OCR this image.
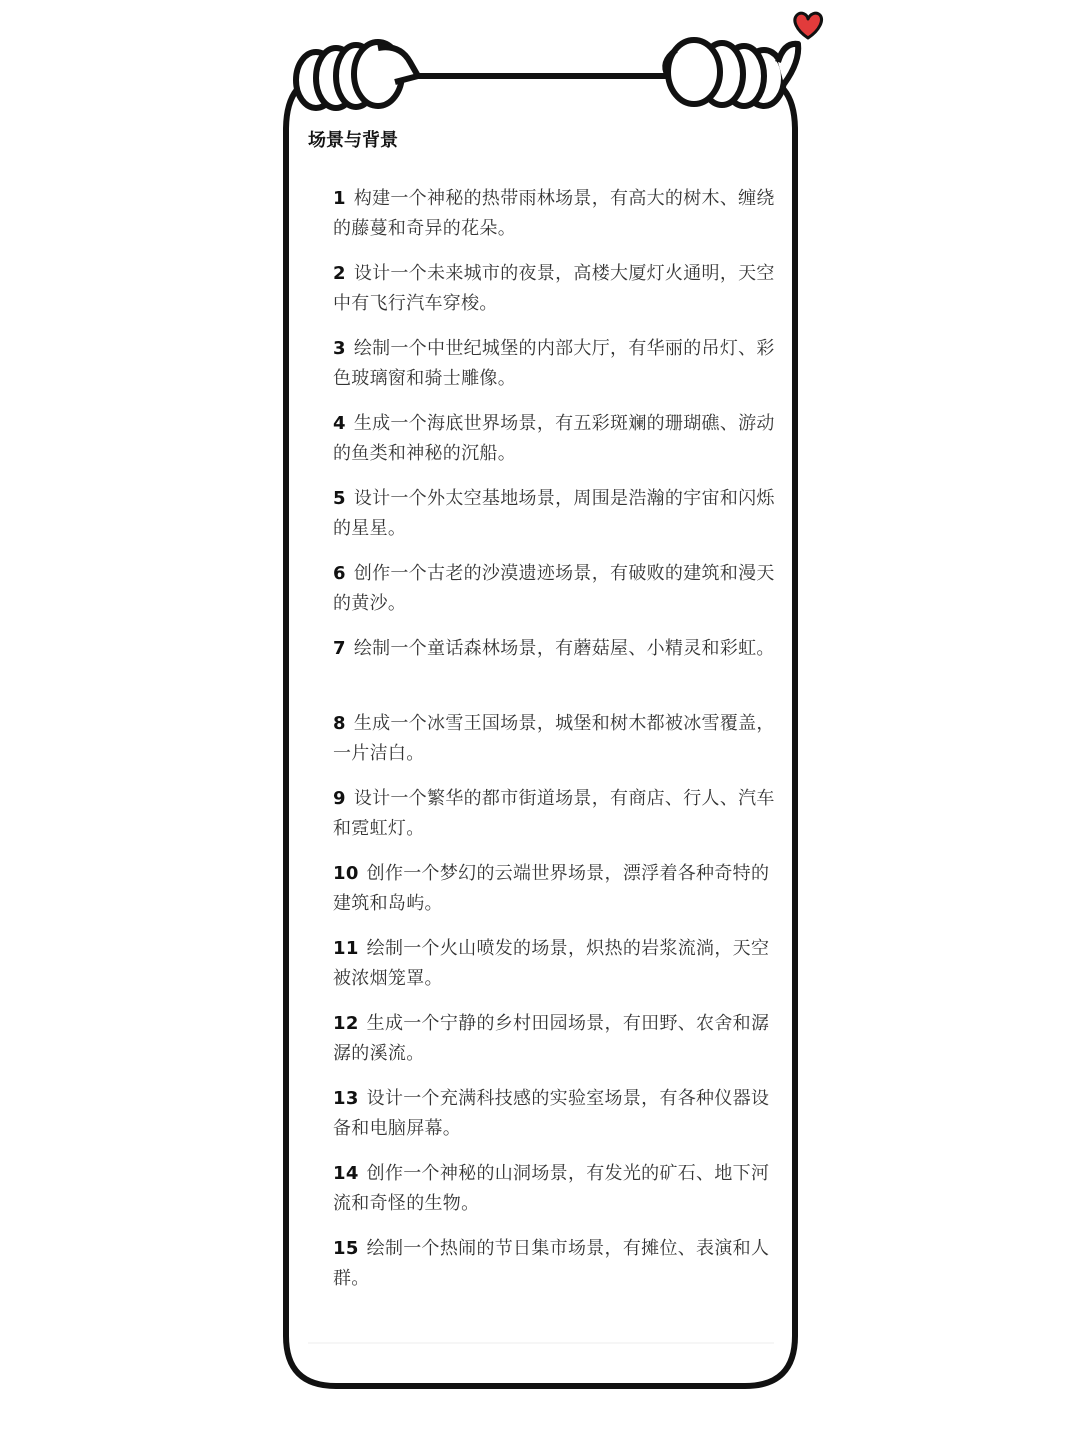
场景与背景
1 构建一个神秘的热带雨林场景，有高大的树木、缠绕的藤蔓和奇异的花朵。
2 设计一个未来城市的夜景，高楼大厦灯火通明，天空中有飞行汽车穿梭。
3 绘制一个中世纪城堡的内部大厅，有华丽的吊灯、彩色玻璃窗和骑士雕像。
4 生成一个海底世界场景，有五彩斑斓的珊瑚礁、游动的鱼类和神秘的沉船。
5 设计一个外太空基地场景，周围是浩瀚的宇宙和闪烁的星星。
6 创作一个古老的沙漠遗迹场景，有破败的建筑和漫天的黄沙。
7 绘制一个童话森林场景，有蘑菇屋、小精灵和彩虹。
8 生成一个冰雪王国场景，城堡和树木都被冰雪覆盖，一片洁白。
9 设计一个繁华的都市街道场景，有商店、行人、汽车和霓虹灯。
10 创作一个梦幻的云端世界场景，漂浮着各种奇特的建筑和岛屿。
11 绘制一个火山喷发的场景，炽热的岩浆流淌，天空被浓烟笼罩。
12 生成一个宁静的乡村田园场景，有田野、农舍和潺潺的溪流。
13 设计一个充满科技感的实验室场景，有各种仪器设备和电脑屏幕。
14 创作一个神秘的山洞场景，有发光的矿石、地下河流和奇怪的生物。
15 绘制一个热闹的节日集市场景，有摊位、表演和人群。
